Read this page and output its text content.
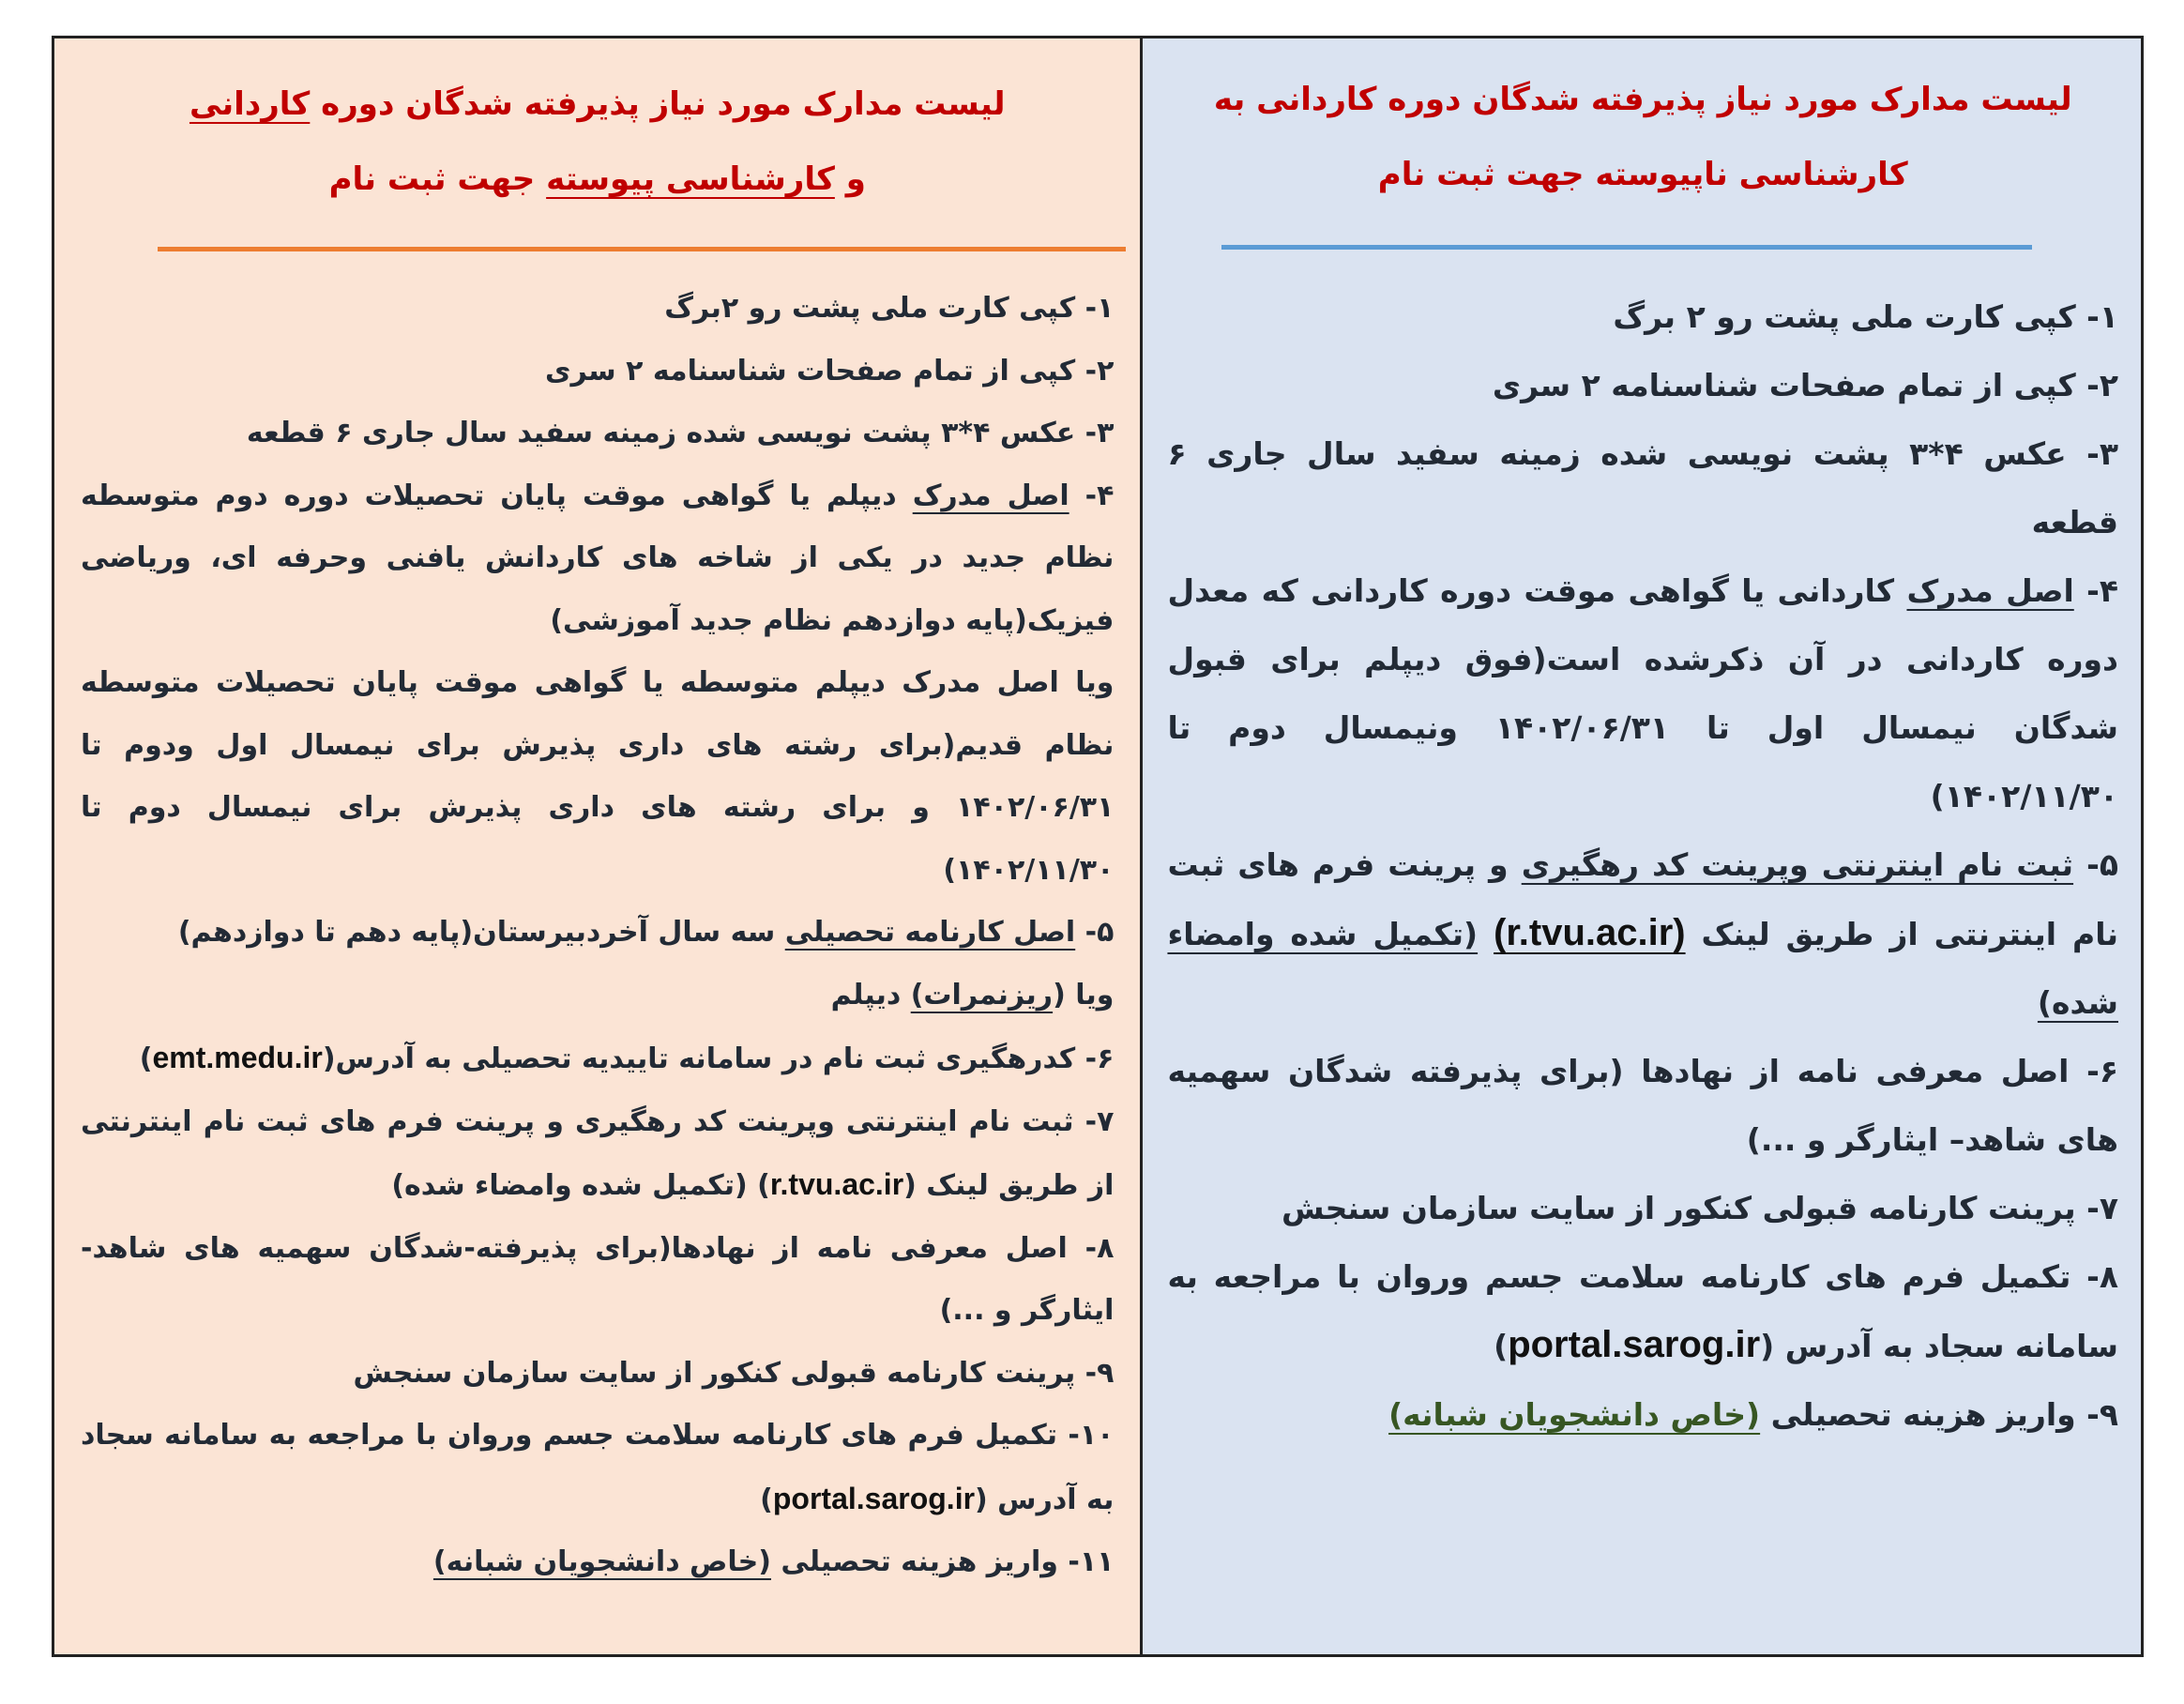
لیست مدارک مورد نیاز پذیرفته شدگان دوره کاردانی
و کارشناسی پیوسته جهت ثبت نام

۱- کپی کارت ملی پشت رو ۲برگ

۲- کپی از تمام صفحات شناسنامه ۲ سری

۳- عکس ۴*۳ پشت نویسی شده زمینه سفید سال جاری ۶ قطعه

۴- اصل مدرک دیپلم یا گواهی موقت پایان تحصیلات دوره دوم متوسطه نظام جدید در یکی از شاخه های کاردانش یافنی وحرفه ای، وریاضی فیزیک(پایه دوازدهم نظام جدید آموزشی)

ویا اصل مدرک دیپلم متوسطه یا گواهی موقت پایان تحصیلات متوسطه نظام قدیم(برای رشته های داری پذیرش برای نیمسال اول ودوم تا ۱۴۰۲/۰۶/۳۱ و برای رشته های داری پذیرش برای نیمسال دوم تا ۱۴۰۲/۱۱/۳۰)

۵- اصل کارنامه تحصیلی سه سال آخردبیرستان(پایه دهم تا دوازدهم)
ویا (ریزنمرات) دیپلم

۶- کدرهگیری ثبت نام در سامانه تاییدیه تحصیلی به آدرس(emt.medu.ir)

۷- ثبت نام اینترنتی وپرینت کد رهگیری و پرینت فرم های ثبت نام اینترنتی از طریق لینک (r.tvu.ac.ir) (تکمیل شده وامضاء شده)

۸- اصل معرفی نامه از نهادها(برای پذیرفته-شدگان سهمیه های شاهد-ایثارگر و ...)

۹- پرینت کارنامه قبولی کنکور از سایت سازمان سنجش

۱۰- تکمیل فرم های کارنامه سلامت جسم وروان با مراجعه به سامانه سجاد به آدرس (portal.sarog.ir)

۱۱- واریز هزینه تحصیلی (خاص دانشجویان شبانه)

لیست مدارک مورد نیاز پذیرفته شدگان دوره کاردانی به
کارشناسی ناپیوسته جهت ثبت نام

۱- کپی کارت ملی پشت رو ۲ برگ

۲- کپی از تمام صفحات شناسنامه ۲ سری

۳- عکس ۴*۳ پشت نویسی شده زمینه سفید سال جاری ۶ قطعه

۴- اصل مدرک کاردانی یا گواهی موقت دوره کاردانی که معدل دوره کاردانی در آن ذکرشده است(فوق دیپلم برای قبول شدگان نیمسال اول تا ۱۴۰۲/۰۶/۳۱ ونیمسال دوم تا ۱۴۰۲/۱۱/۳۰)

۵- ثبت نام اینترنتی وپرینت کد رهگیری و پرینت فرم های ثبت نام اینترنتی از طریق لینک (r.tvu.ac.ir) (تکمیل شده وامضاء شده)

۶- اصل معرفی نامه از نهادها (برای پذیرفته شدگان سهمیه های شاهد– ایثارگر و ...)

۷- پرینت کارنامه قبولی کنکور از سایت سازمان سنجش

۸- تکمیل فرم های کارنامه سلامت جسم وروان با مراجعه به سامانه سجاد به آدرس (portal.sarog.ir)

۹- واریز هزینه تحصیلی (خاص دانشجویان شبانه)
